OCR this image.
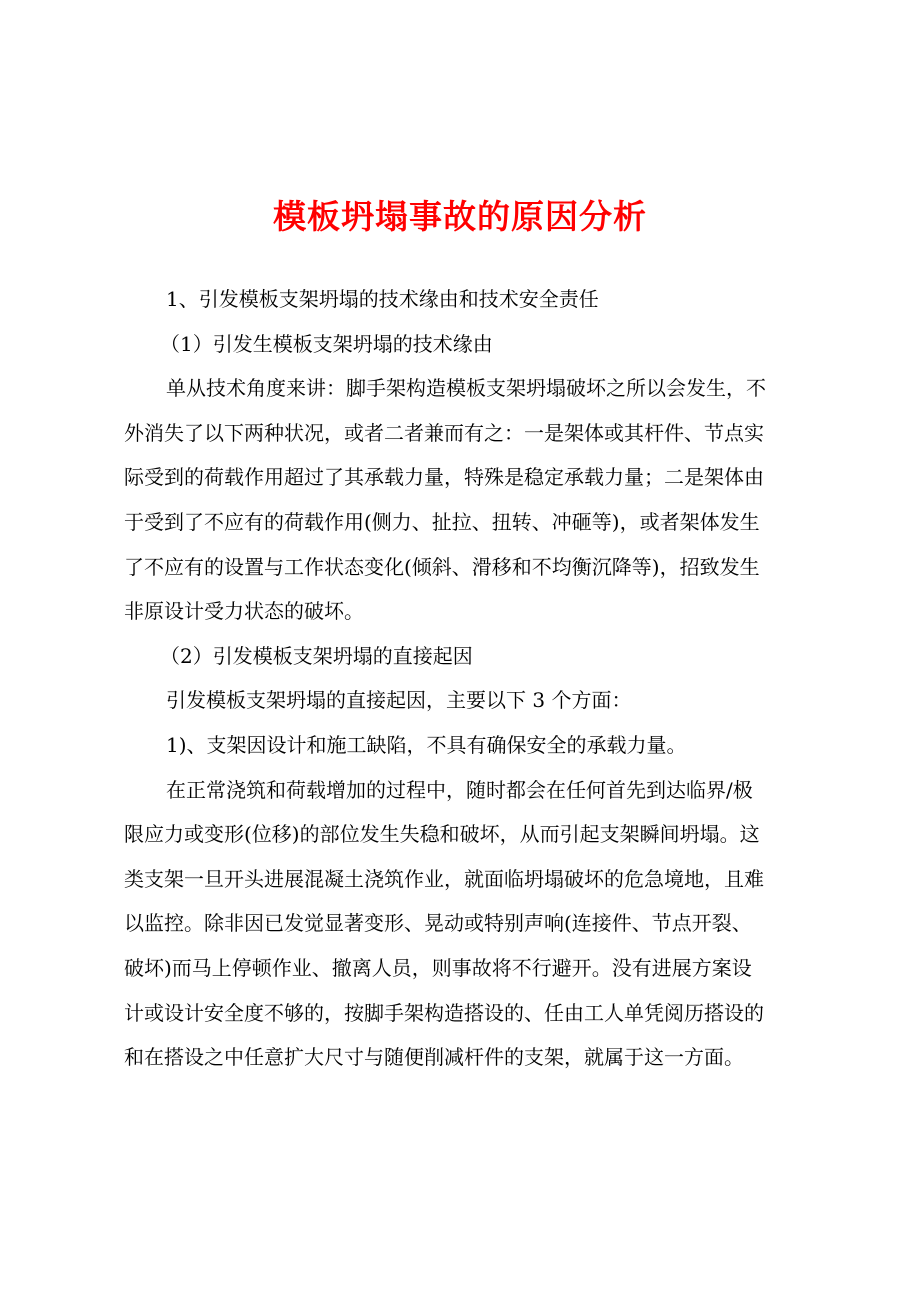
模板坍塌事故的原因分析

1、引发模板支架坍塌的技术缘由和技术安全责任

（1）引发生模板支架坍塌的技术缘由

单从技术角度来讲：脚手架构造模板支架坍塌破坏之所以会发生，不

外消失了以下两种状况，或者二者兼而有之：一是架体或其杆件、节点实

际受到的荷载作用超过了其承载力量，特殊是稳定承载力量；二是架体由

于受到了不应有的荷载作用(侧力、扯拉、扭转、冲砸等)，或者架体发生

了不应有的设置与工作状态变化(倾斜、滑移和不均衡沉降等)，招致发生

非原设计受力状态的破坏。

（2）引发模板支架坍塌的直接起因

引发模板支架坍塌的直接起因，主要以下 3 个方面：

1)、支架因设计和施工缺陷，不具有确保安全的承载力量。

在正常浇筑和荷载增加的过程中，随时都会在任何首先到达临界/极

限应力或变形(位移)的部位发生失稳和破坏，从而引起支架瞬间坍塌。这

类支架一旦开头进展混凝土浇筑作业，就面临坍塌破坏的危急境地，且难

以监控。除非因已发觉显著变形、晃动或特别声响(连接件、节点开裂、

破坏)而马上停顿作业、撤离人员，则事故将不行避开。没有进展方案设

计或设计安全度不够的，按脚手架构造搭设的、任由工人单凭阅历搭设的

和在搭设之中任意扩大尺寸与随便削减杆件的支架，就属于这一方面。
